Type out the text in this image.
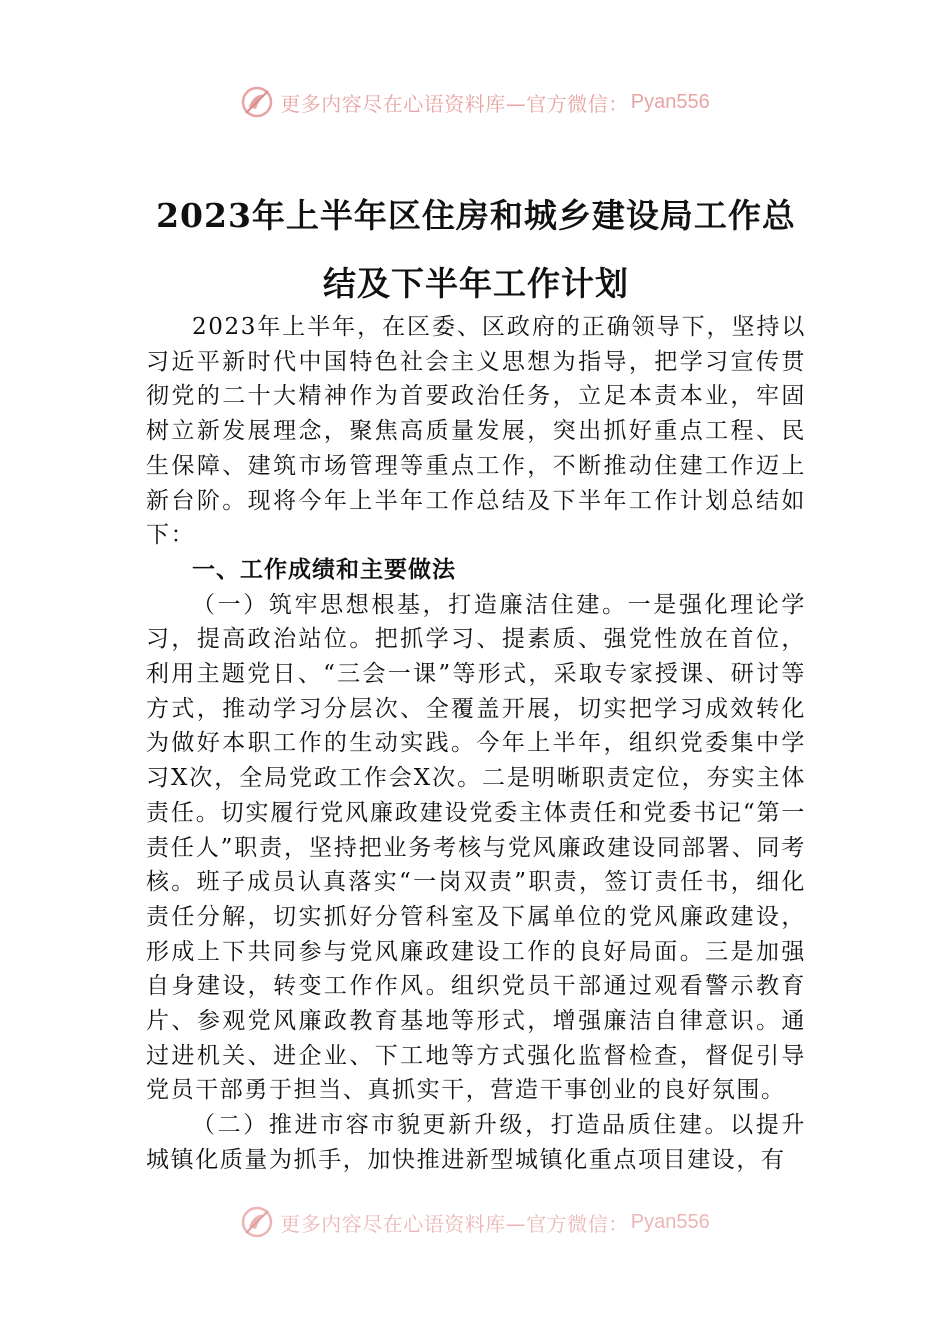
更多内容尽在心语资料库—官方微信： Pyan556
2023年上半年区住房和城乡建设局工作总
结及下半年工作计划

2023年上半年，在区委、区政府的正确领导下，坚持以习近平新时代中国特色社会主义思想为指导，把学习宣传贯彻党的二十大精神作为首要政治任务，立足本责本业，牢固树立新发展理念，聚焦高质量发展，突出抓好重点工程、民生保障、建筑市场管理等重点工作，不断推动住建工作迈上新台阶。现将今年上半年工作总结及下半年工作计划总结如下：

一、工作成绩和主要做法

（一）筑牢思想根基，打造廉洁住建。一是强化理论学习，提高政治站位。把抓学习、提素质、强党性放在首位，利用主题党日、“三会一课”等形式，采取专家授课、研讨等方式，推动学习分层次、全覆盖开展，切实把学习成效转化为做好本职工作的生动实践。今年上半年，组织党委集中学习X次，全局党政工作会X次。二是明晰职责定位，夯实主体责任。切实履行党风廉政建设党委主体责任和党委书记“第一责任人”职责，坚持把业务考核与党风廉政建设同部署、同考核。班子成员认真落实“一岗双责”职责，签订责任书，细化责任分解，切实抓好分管科室及下属单位的党风廉政建设，形成上下共同参与党风廉政建设工作的良好局面。三是加强自身建设，转变工作作风。组织党员干部通过观看警示教育片、参观党风廉政教育基地等形式，增强廉洁自律意识。通过进机关、进企业、下工地等方式强化监督检查，督促引导党员干部勇于担当、真抓实干，营造干事创业的良好氛围。

（二）推进市容市貌更新升级，打造品质住建。以提升城镇化质量为抓手，加快推进新型城镇化重点项目建设，有

更多内容尽在心语资料库—官方微信： Pyan556
